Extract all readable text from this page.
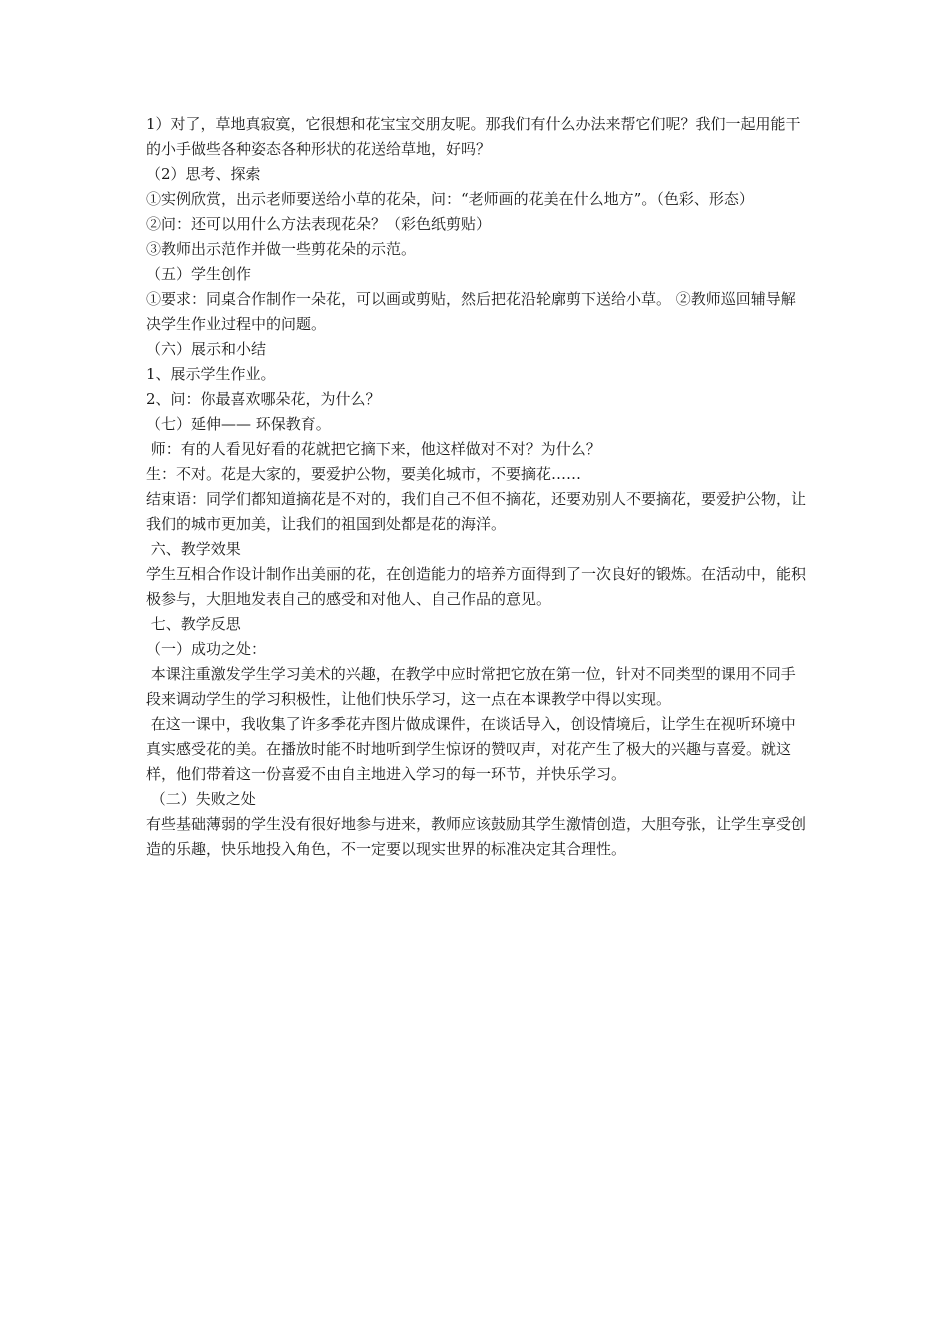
1）对了，草地真寂寞，它很想和花宝宝交朋友呢。那我们有什么办法来帮它们呢？我们一起用能干的小手做些各种姿态各种形状的花送给草地，好吗？
（2）思考、探索
①实例欣赏，出示老师要送给小草的花朵，问：“老师画的花美在什么地方”。（色彩、形态）
②问：还可以用什么方法表现花朵？（彩色纸剪贴）
③教师出示范作并做一些剪花朵的示范。
（五）学生创作
①要求：同桌合作制作一朵花，可以画或剪贴，然后把花沿轮廓剪下送给小草。 ②教师巡回辅导解决学生作业过程中的问题。
（六）展示和小结
1、展示学生作业。
2、问：你最喜欢哪朵花，为什么？
（七）延伸—— 环保教育。
师：有的人看见好看的花就把它摘下来，他这样做对不对？为什么？
生：不对。花是大家的，要爱护公物，要美化城市，不要摘花……
结束语：同学们都知道摘花是不对的，我们自己不但不摘花，还要劝别人不要摘花，要爱护公物，让我们的城市更加美，让我们的祖国到处都是花的海洋。
六、教学效果
学生互相合作设计制作出美丽的花，在创造能力的培养方面得到了一次良好的锻炼。在活动中，能积极参与，大胆地发表自己的感受和对他人、自己作品的意见。
七、教学反思
（一）成功之处：
本课注重激发学生学习美术的兴趣，在教学中应时常把它放在第一位，针对不同类型的课用不同手段来调动学生的学习积极性，让他们快乐学习，这一点在本课教学中得以实现。
在这一课中，我收集了许多季花卉图片做成课件，在谈话导入，创设情境后，让学生在视听环境中真实感受花的美。在播放时能不时地听到学生惊讶的赞叹声，对花产生了极大的兴趣与喜爱。就这样，他们带着这一份喜爱不由自主地进入学习的每一环节，并快乐学习。
（二）失败之处
有些基础薄弱的学生没有很好地参与进来，教师应该鼓励其学生激情创造，大胆夸张，让学生享受创造的乐趣，快乐地投入角色，不一定要以现实世界的标准决定其合理性。
